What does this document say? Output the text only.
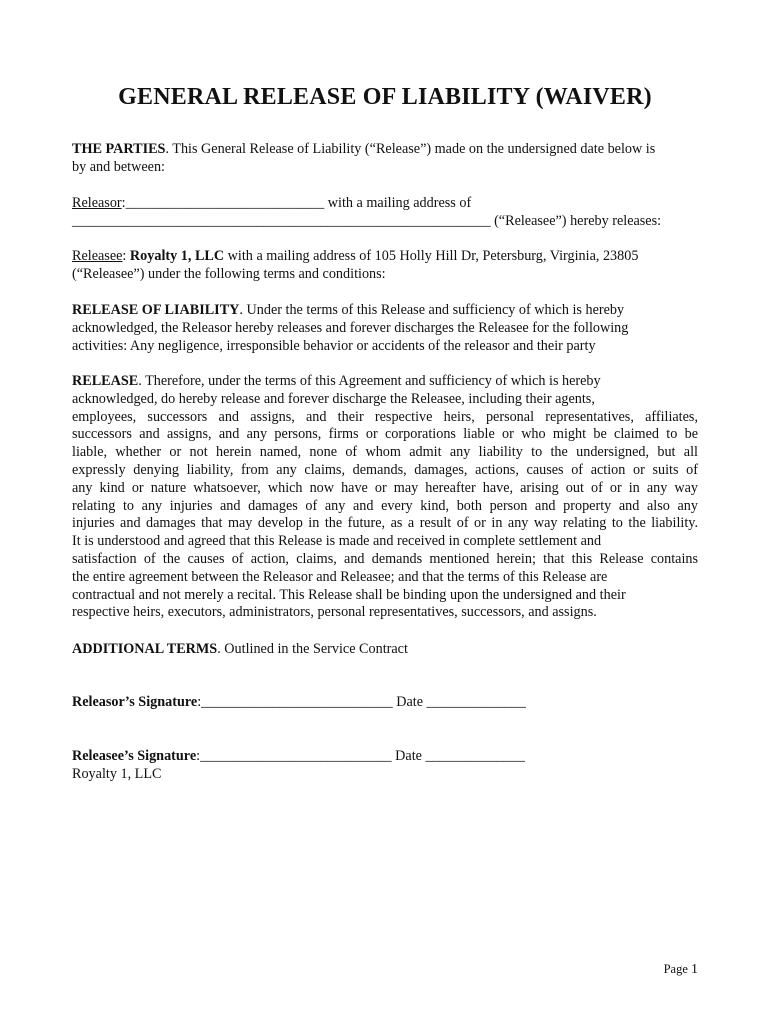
GENERAL RELEASE OF LIABILITY (WAIVER)
THE PARTIES. This General Release of Liability (“Release”) made on the undersigned date below is
by and between:
Releasor:____________________________ with a mailing address of
___________________________________________________________ (“Releasee”) hereby releases:
Releasee: Royalty 1, LLC with a mailing address of 105 Holly Hill Dr, Petersburg, Virginia, 23805
(“Releasee”) under the following terms and conditions:
RELEASE OF LIABILITY. Under the terms of this Release and sufficiency of which is hereby
acknowledged, the Releasor hereby releases and forever discharges the Releasee for the following
activities: Any negligence, irresponsible behavior or accidents of the releasor and their party
RELEASE. Therefore, under the terms of this Agreement and sufficiency of which is hereby
acknowledged, do hereby release and forever discharge the Releasee, including their agents,
employees, successors and assigns, and their respective heirs, personal representatives, affiliates,
successors and assigns, and any persons, firms or corporations liable or who might be claimed to be
liable, whether or not herein named, none of whom admit any liability to the undersigned, but all
expressly denying liability, from any claims, demands, damages, actions, causes of action or suits of
any kind or nature whatsoever, which now have or may hereafter have, arising out of or in any way
relating to any injuries and damages of any and every kind, both person and property and also any
injuries and damages that may develop in the future, as a result of or in any way relating to the liability.
It is understood and agreed that this Release is made and received in complete settlement and
satisfaction of the causes of action, claims, and demands mentioned herein; that this Release contains
the entire agreement between the Releasor and Releasee; and that the terms of this Release are
contractual and not merely a recital. This Release shall be binding upon the undersigned and their
respective heirs, executors, administrators, personal representatives, successors, and assigns.
ADDITIONAL TERMS. Outlined in the Service Contract
Releasor’s Signature:___________________________ Date ______________
Releasee’s Signature:___________________________ Date ______________
Royalty 1, LLC
Page 1
